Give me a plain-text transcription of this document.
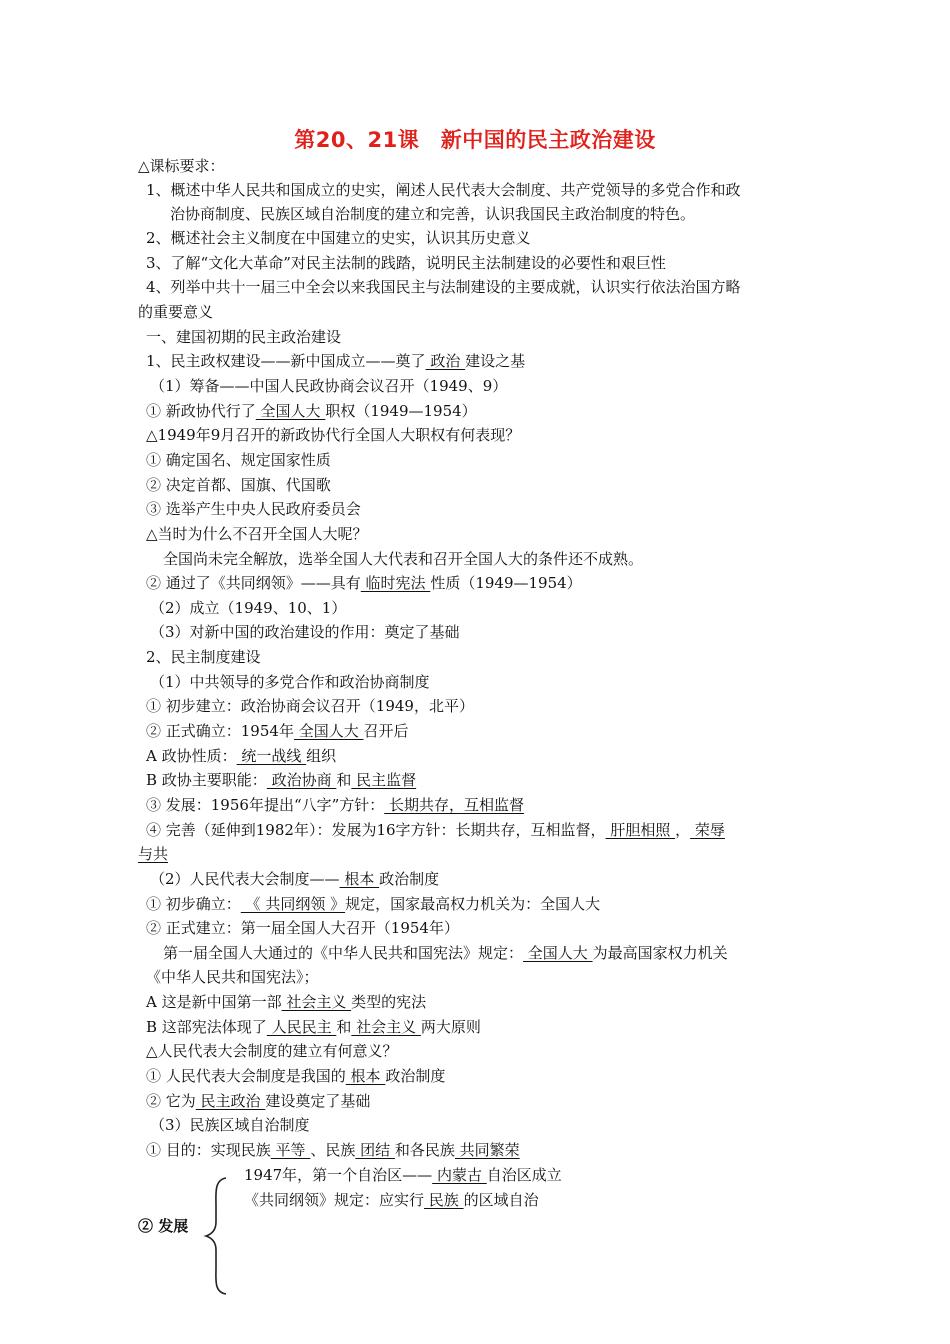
第20、21课　新中国的民主政治建设
△课标要求：
1、概述中华人民共和国成立的史实，阐述人民代表大会制度、共产党领导的多党合作和政
治协商制度、民族区域自治制度的建立和完善，认识我国民主政治制度的特色。
2、概述社会主义制度在中国建立的史实，认识其历史意义
3、了解“文化大革命”对民主法制的践踏，说明民主法制建设的必要性和艰巨性
4、列举中共十一届三中全会以来我国民主与法制建设的主要成就，认识实行依法治国方略
的重要意义
一、建国初期的民主政治建设
1、民主政权建设——新中国成立——奠了 政治 建设之基
（1）筹备——中国人民政协商会议召开（1949、9）
① 新政协代行了 全国人大 职权（1949—1954）
△1949年9月召开的新政协代行全国人大职权有何表现？
① 确定国名、规定国家性质
② 决定首都、国旗、代国歌
③ 选举产生中央人民政府委员会
△当时为什么不召开全国人大呢？
全国尚未完全解放，选举全国人大代表和召开全国人大的条件还不成熟。
② 通过了《共同纲领》——具有 临时宪法 性质（1949—1954）
（2）成立（1949、10、1）
（3）对新中国的政治建设的作用：奠定了基础
2、民主制度建设
（1）中共领导的多党合作和政治协商制度
① 初步建立：政治协商会议召开（1949，北平）
② 正式确立：1954年 全国人大 召开后
A 政协性质： 统一战线 组织
B 政协主要职能： 政治协商 和 民主监督
③ 发展：1956年提出“八字”方针： 长期共存，互相监督
④ 完善（延伸到1982年）：发展为16字方针：长期共存，互相监督， 肝胆相照 ， 荣辱
与共
（2）人民代表大会制度—— 根本 政治制度
① 初步确立： 《 共同纲领 》规定，国家最高权力机关为：全国人大
② 正式建立：第一届全国人大召开（1954年）
第一届全国人大通过的《中华人民共和国宪法》规定： 全国人大 为最高国家权力机关
《中华人民共和国宪法》；
A 这是新中国第一部 社会主义 类型的宪法
B 这部宪法体现了 人民民主 和 社会主义 两大原则
△人民代表大会制度的建立有何意义？
① 人民代表大会制度是我国的 根本 政治制度
② 它为 民主政治 建设奠定了基础
（3）民族区域自治制度
① 目的：实现民族 平等 、民族 团结 和各民族 共同繁荣
1947年，第一个自治区—— 内蒙古 自治区成立
《共同纲领》规定：应实行 民族 的区域自治
② 发展
